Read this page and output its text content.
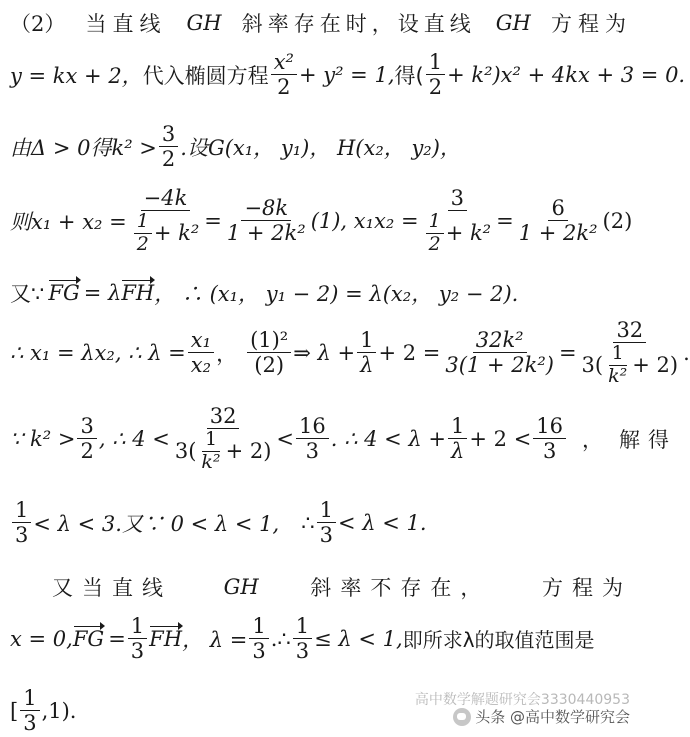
（2） 当直线 GH 斜率存在时，设直线 GH 方程为
y = kx + 2， 代入椭圆方程 $\frac{\text{x²}}{2} + y^2 = 1$, 得( $\frac{1}{2} + k^2)x^2 + 4kx + 3 = 0$.
由Δ > 0得$k^2 > \frac{3}{2}$ .设G(x₁， y₁)， H(x₂， y₂)，
则$x_1 + x_2 = \frac{-4k}{\frac{1}{2} + k^2} = \frac{-8k}{\text{1 + 2k²}} (1)$, $x_1x_2 = \frac{3}{\frac{1}{2} + k^2} = \frac{6}{\text{1 + 2k²}} (2)$
又∵ FG = λ FH ， ∴ (x₁， y₁ − 2) = λ(x₂， y₂ − 2).
∴ x₁ = λx₂, ∴ $\lambda = \frac{\text{x₁}}{\text{x₂}}$ ， $\frac{\text{(1)²}}{(2)}$ ⇒ $\lambda + \frac{1}{\lambda} + 2 = \frac{\text{32k²}}{\text{3(1 + 2k²)}} = \frac{32}{3( \frac{1}{\text{k²}} + 2)}$ .
∵ $k^2 > \frac{3}{2}$ , ∴ $4 < \frac{32}{3( \frac{1}{\text{k²}} + 2)} < \frac{16}{3}$ . ∴ $4 < \lambda + \frac{1}{\lambda} + 2 < \frac{16}{3}$ ， 解得
$\frac{1}{3} < \lambda < 3$.又∵ 0 < λ < 1, ∴ $\frac{1}{3} < \lambda < 1$.
又当直线 GH 斜率不存在， 方程为
x = 0, FG = $\frac{1}{3}$ FH ， $\lambda = \frac{1}{3}$ .∴ $\frac{1}{3} \le \lambda < 1$, 即所求λ的取值范围是
[ $\frac{1}{3} ,1$).	高中数学解题研究会3330440953
头条 @高中数学研究会
